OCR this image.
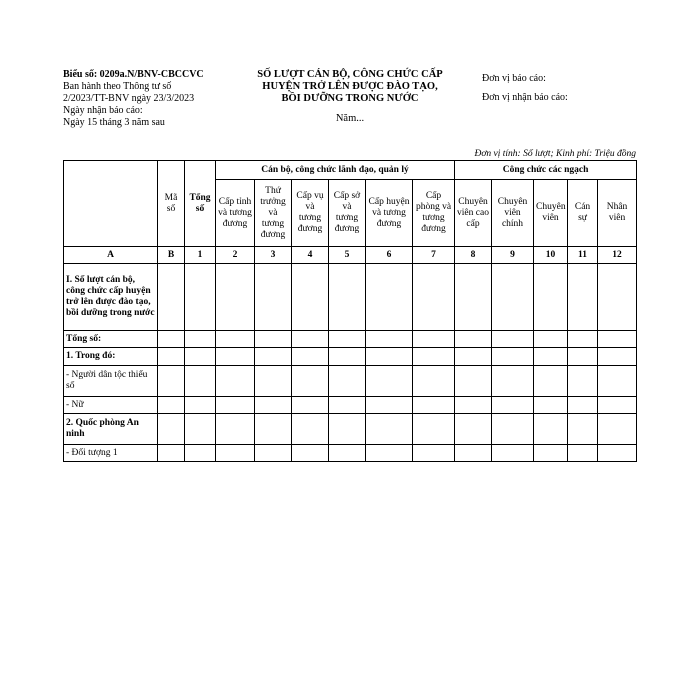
Biểu số: 0209a.N/BNV-CBCCVC
Ban hành theo Thông tư số 2/2023/TT-BNV ngày 23/3/2023
Ngày nhận báo cáo:
Ngày 15 tháng 3 năm sau
SỐ LƯỢT CÁN BỘ, CÔNG CHỨC CẤP
HUYỆN TRỞ LÊN ĐƯỢC ĐÀO TẠO,
BỒI DƯỠNG TRONG NƯỚC
Năm...
Đơn vị báo cáo:
Đơn vị nhận báo cáo:
Đơn vị tính: Số lượt; Kinh phí: Triệu đồng
	Mã số	Tổng số	Cán bộ, công chức lãnh đạo, quản lý						Công chức các ngạch				
			Cấp tỉnh và tương đương	Thứ trưởng và tương đương	Cấp vụ và tương đương	Cấp sở và tương đương	Cấp huyện và tương đương	Cấp phòng và tương đương	Chuyên viên cao cấp	Chuyên viên chính	Chuyên viên	Cán sự	Nhân viên
A	B	1	2	3	4	5	6	7	8	9	10	11	12
I. Số lượt cán bộ, công chức cấp huyện trở lên được đào tạo, bồi dưỡng trong nước													
Tổng số:													
1. Trong đó:													
- Người dân tộc thiểu số													
- Nữ													
2. Quốc phòng An ninh													
- Đối tượng 1													
